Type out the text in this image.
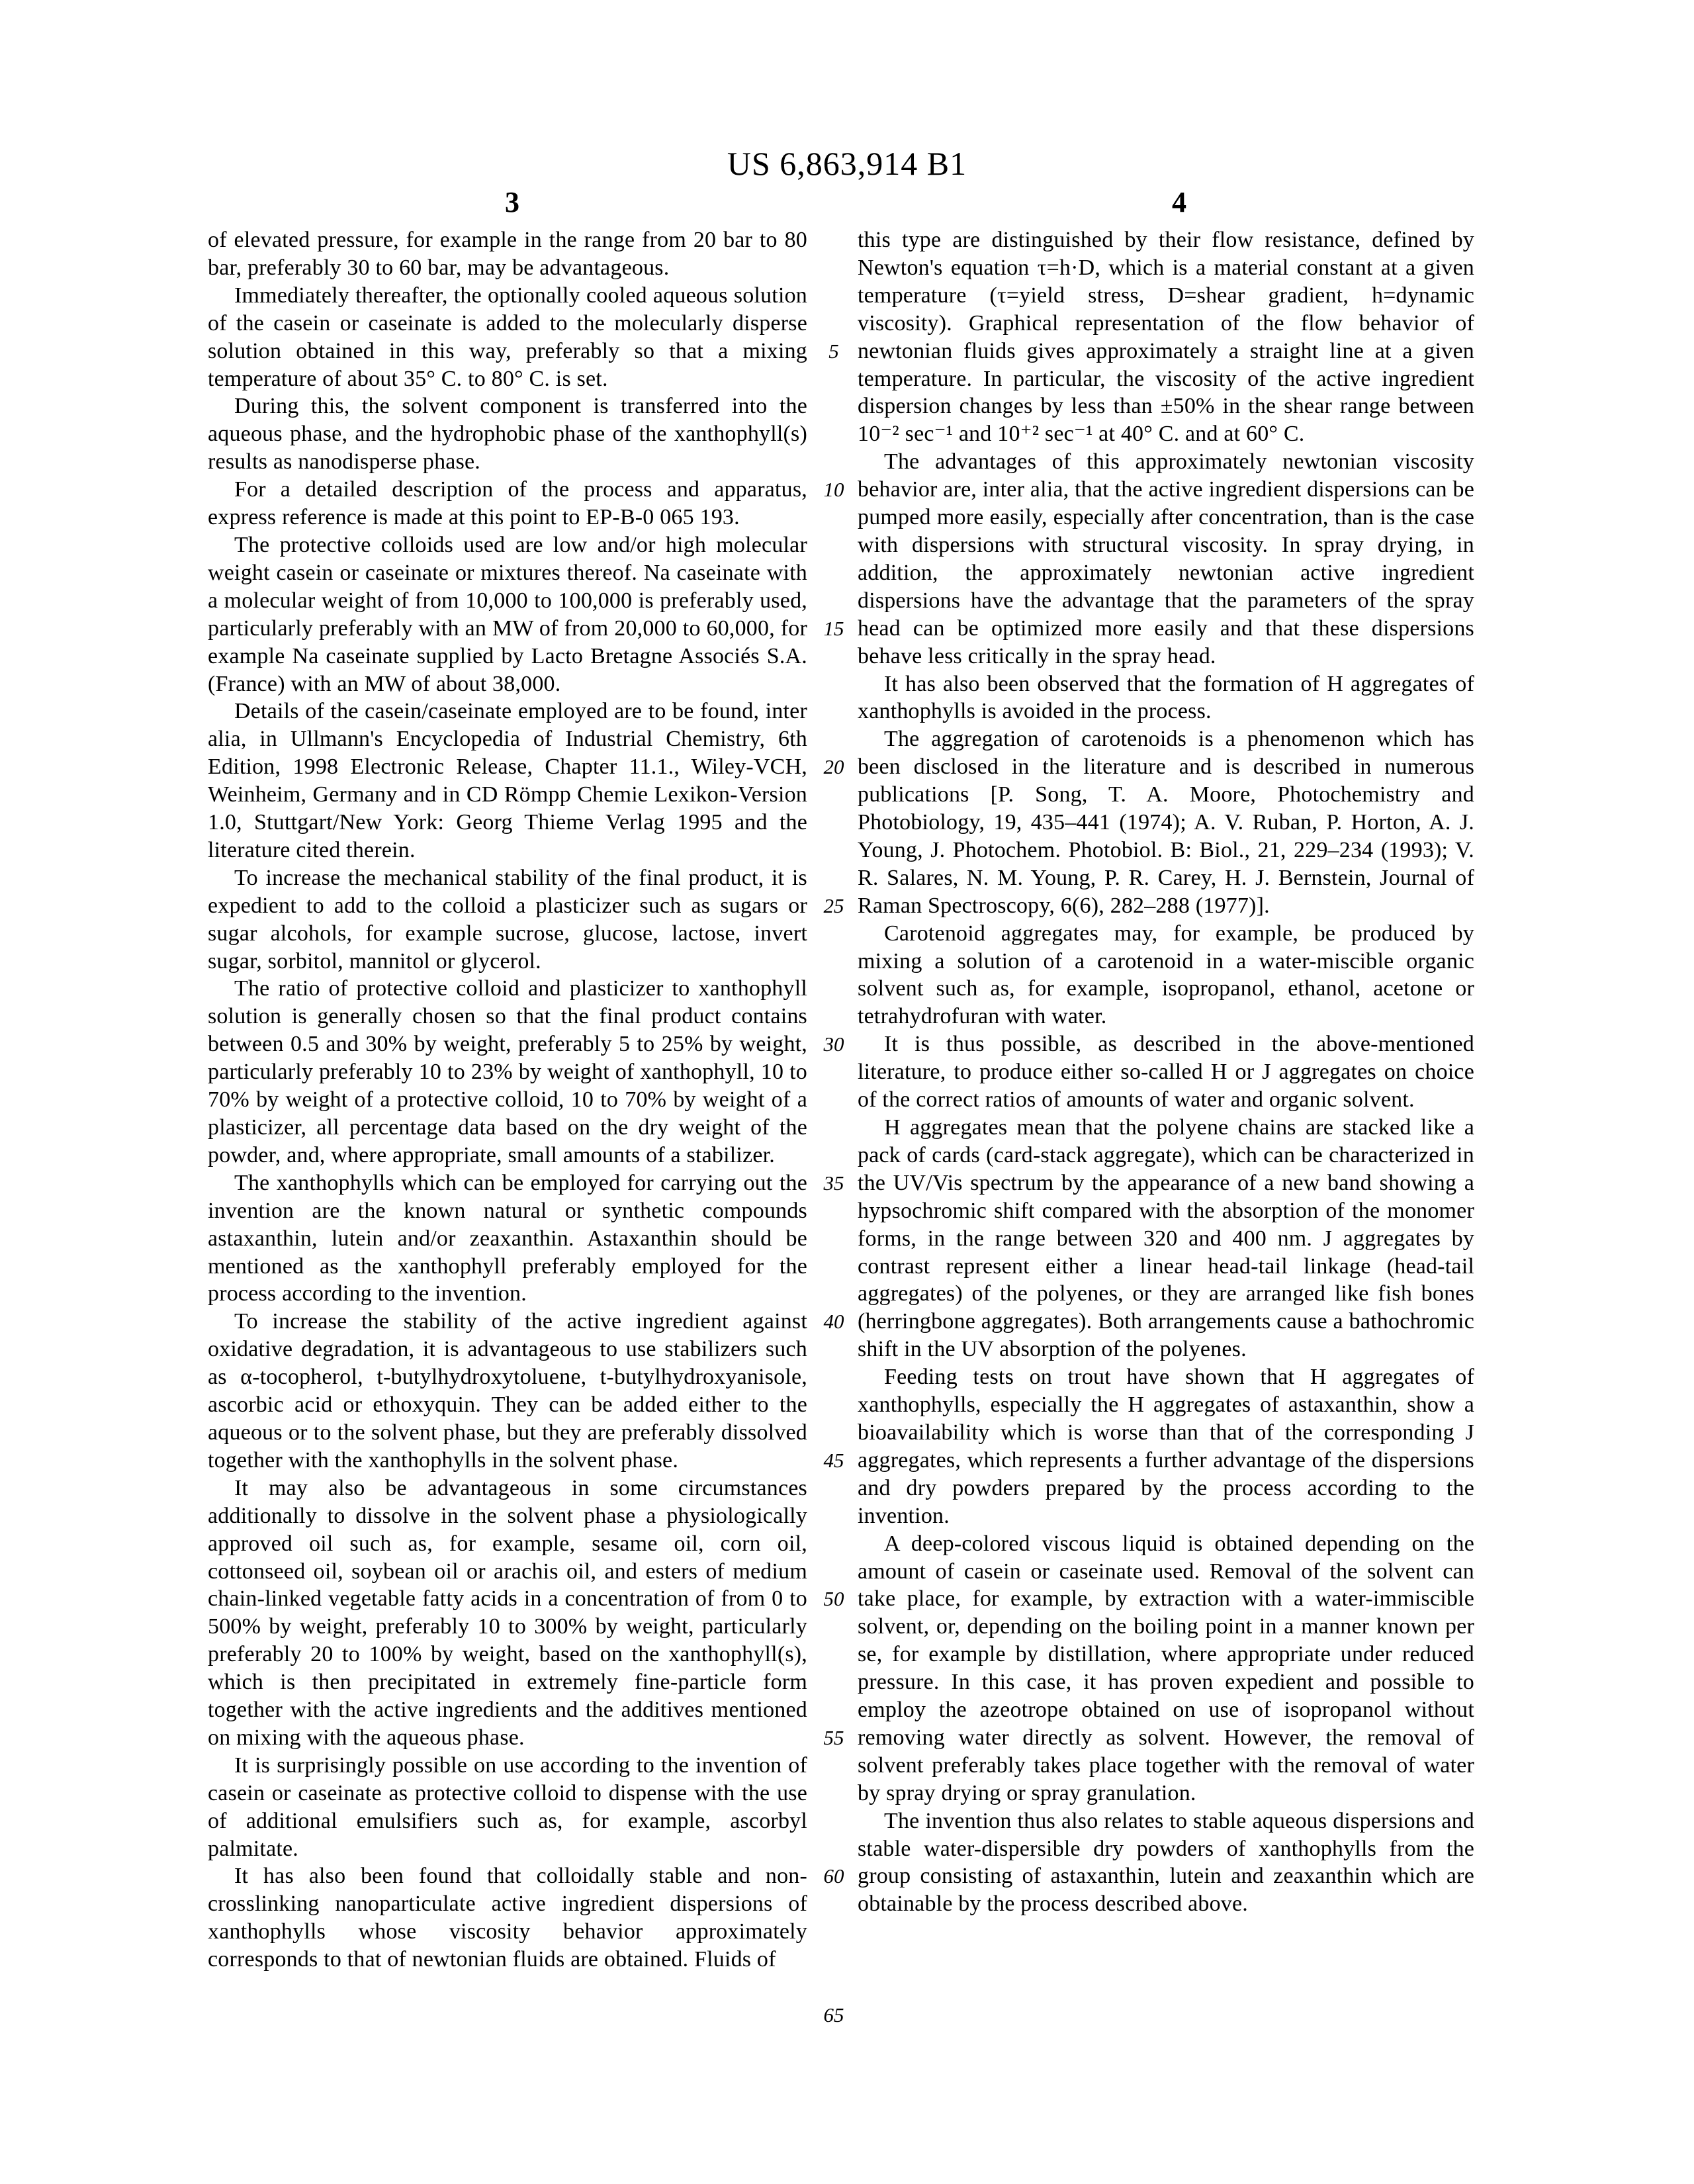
US 6,863,914 B1
3	4

of elevated pressure, for example in the range from 20 bar to 80 bar, preferably 30 to 60 bar, may be advantageous.

Immediately thereafter, the optionally cooled aqueous solution of the casein or caseinate is added to the molecularly disperse solution obtained in this way, preferably so that a mixing temperature of about 35° C. to 80° C. is set.

During this, the solvent component is transferred into the aqueous phase, and the hydrophobic phase of the xanthophyll(s) results as nanodisperse phase.

For a detailed description of the process and apparatus, express reference is made at this point to EP-B-0 065 193.

The protective colloids used are low and/or high molecular weight casein or caseinate or mixtures thereof. Na caseinate with a molecular weight of from 10,000 to 100,000 is preferably used, particularly preferably with an MW of from 20,000 to 60,000, for example Na caseinate supplied by Lacto Bretagne Associés S.A. (France) with an MW of about 38,000.

Details of the casein/caseinate employed are to be found, inter alia, in Ullmann's Encyclopedia of Industrial Chemistry, 6th Edition, 1998 Electronic Release, Chapter 11.1., Wiley-VCH, Weinheim, Germany and in CD Römpp Chemie Lexikon-Version 1.0, Stuttgart/New York: Georg Thieme Verlag 1995 and the literature cited therein.

To increase the mechanical stability of the final product, it is expedient to add to the colloid a plasticizer such as sugars or sugar alcohols, for example sucrose, glucose, lactose, invert sugar, sorbitol, mannitol or glycerol.

The ratio of protective colloid and plasticizer to xanthophyll solution is generally chosen so that the final product contains between 0.5 and 30% by weight, preferably 5 to 25% by weight, particularly preferably 10 to 23% by weight of xanthophyll, 10 to 70% by weight of a protective colloid, 10 to 70% by weight of a plasticizer, all percentage data based on the dry weight of the powder, and, where appropriate, small amounts of a stabilizer.

The xanthophylls which can be employed for carrying out the invention are the known natural or synthetic compounds astaxanthin, lutein and/or zeaxanthin. Astaxanthin should be mentioned as the xanthophyll preferably employed for the process according to the invention.

To increase the stability of the active ingredient against oxidative degradation, it is advantageous to use stabilizers such as α-tocopherol, t-butylhydroxytoluene, t-butylhydroxyanisole, ascorbic acid or ethoxyquin. They can be added either to the aqueous or to the solvent phase, but they are preferably dissolved together with the xanthophylls in the solvent phase.

It may also be advantageous in some circumstances additionally to dissolve in the solvent phase a physiologically approved oil such as, for example, sesame oil, corn oil, cottonseed oil, soybean oil or arachis oil, and esters of medium chain-linked vegetable fatty acids in a concentration of from 0 to 500% by weight, preferably 10 to 300% by weight, particularly preferably 20 to 100% by weight, based on the xanthophyll(s), which is then precipitated in extremely fine-particle form together with the active ingredients and the additives mentioned on mixing with the aqueous phase.

It is surprisingly possible on use according to the invention of casein or caseinate as protective colloid to dispense with the use of additional emulsifiers such as, for example, ascorbyl palmitate.

It has also been found that colloidally stable and non-crosslinking nanoparticulate active ingredient dispersions of xanthophylls whose viscosity behavior approximately corresponds to that of newtonian fluids are obtained. Fluids of

this type are distinguished by their flow resistance, defined by Newton's equation τ=h·D, which is a material constant at a given temperature (τ=yield stress, D=shear gradient, h=dynamic viscosity). Graphical representation of the flow behavior of newtonian fluids gives approximately a straight line at a given temperature. In particular, the viscosity of the active ingredient dispersion changes by less than ±50% in the shear range between 10⁻² sec⁻¹ and 10⁺² sec⁻¹ at 40° C. and at 60° C.

The advantages of this approximately newtonian viscosity behavior are, inter alia, that the active ingredient dispersions can be pumped more easily, especially after concentration, than is the case with dispersions with structural viscosity. In spray drying, in addition, the approximately newtonian active ingredient dispersions have the advantage that the parameters of the spray head can be optimized more easily and that these dispersions behave less critically in the spray head.

It has also been observed that the formation of H aggregates of xanthophylls is avoided in the process.

The aggregation of carotenoids is a phenomenon which has been disclosed in the literature and is described in numerous publications [P. Song, T. A. Moore, Photochemistry and Photobiology, 19, 435–441 (1974); A. V. Ruban, P. Horton, A. J. Young, J. Photochem. Photobiol. B: Biol., 21, 229–234 (1993); V. R. Salares, N. M. Young, P. R. Carey, H. J. Bernstein, Journal of Raman Spectroscopy, 6(6), 282–288 (1977)].

Carotenoid aggregates may, for example, be produced by mixing a solution of a carotenoid in a water-miscible organic solvent such as, for example, isopropanol, ethanol, acetone or tetrahydrofuran with water.

It is thus possible, as described in the above-mentioned literature, to produce either so-called H or J aggregates on choice of the correct ratios of amounts of water and organic solvent.

H aggregates mean that the polyene chains are stacked like a pack of cards (card-stack aggregate), which can be characterized in the UV/Vis spectrum by the appearance of a new band showing a hypsochromic shift compared with the absorption of the monomer forms, in the range between 320 and 400 nm. J aggregates by contrast represent either a linear head-tail linkage (head-tail aggregates) of the polyenes, or they are arranged like fish bones (herringbone aggregates). Both arrangements cause a bathochromic shift in the UV absorption of the polyenes.

Feeding tests on trout have shown that H aggregates of xanthophylls, especially the H aggregates of astaxanthin, show a bioavailability which is worse than that of the corresponding J aggregates, which represents a further advantage of the dispersions and dry powders prepared by the process according to the invention.

A deep-colored viscous liquid is obtained depending on the amount of casein or caseinate used. Removal of the solvent can take place, for example, by extraction with a water-immiscible solvent, or, depending on the boiling point in a manner known per se, for example by distillation, where appropriate under reduced pressure. In this case, it has proven expedient and possible to employ the azeotrope obtained on use of isopropanol without removing water directly as solvent. However, the removal of solvent preferably takes place together with the removal of water by spray drying or spray granulation.

The invention thus also relates to stable aqueous dispersions and stable water-dispersible dry powders of xanthophylls from the group consisting of astaxanthin, lutein and zeaxanthin which are obtainable by the process described above.

5
10
15
20
25
30
35
40
45
50
55
60
65
